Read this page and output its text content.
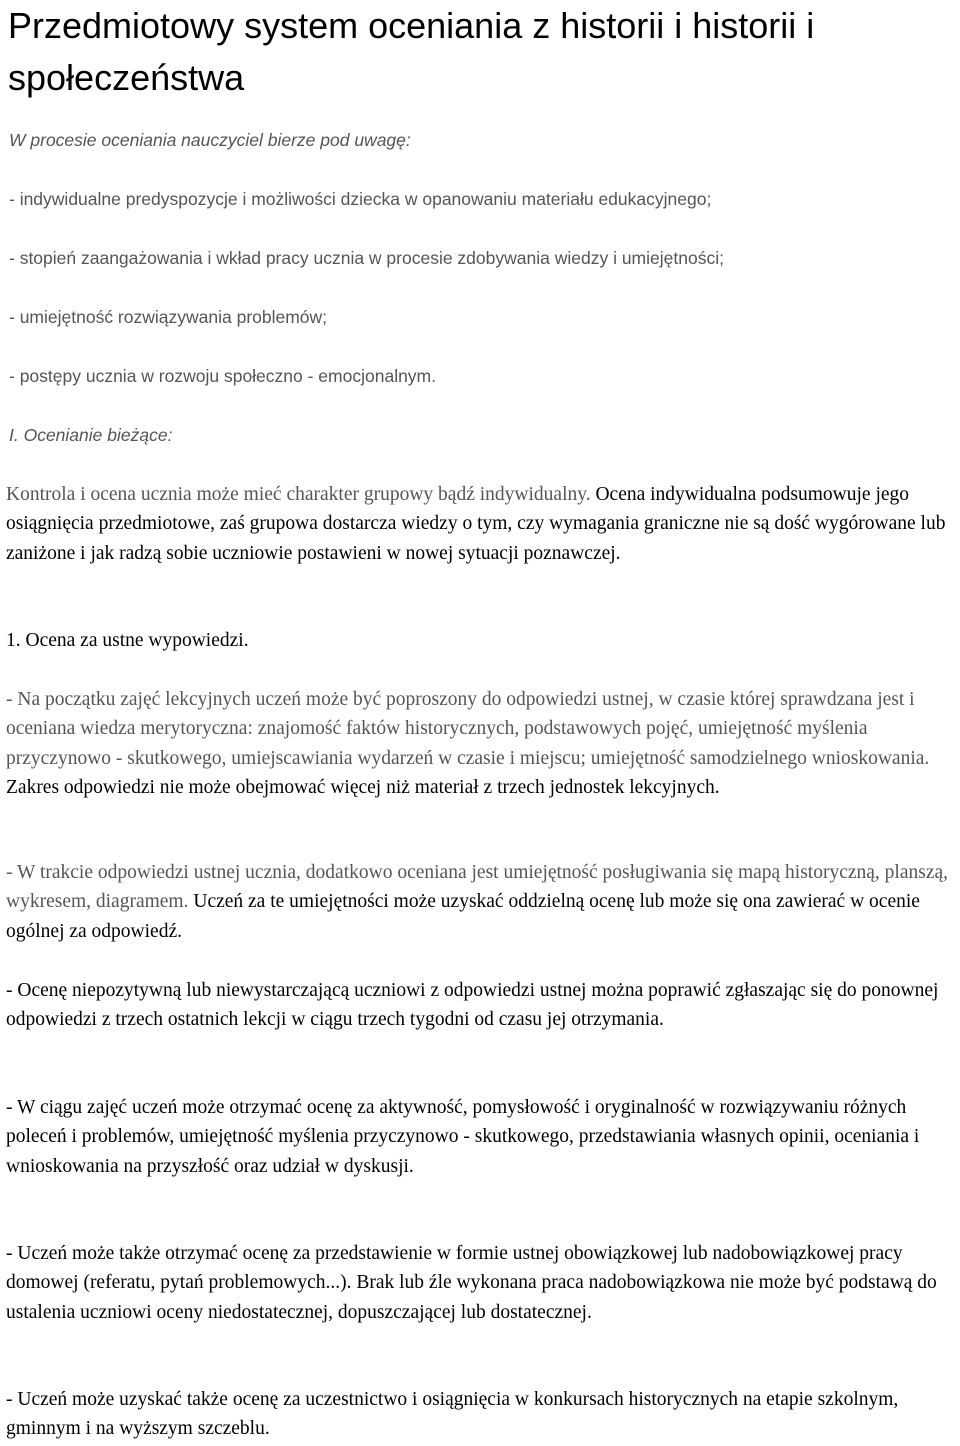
Przedmiotowy system oceniania z historii i historii i społeczeństwa

W procesie oceniania nauczyciel bierze pod uwagę:

- indywidualne predyspozycje i możliwości dziecka w opanowaniu materiału edukacyjnego;

- stopień zaangażowania i wkład pracy ucznia w procesie zdobywania wiedzy i umiejętności;

- umiejętność rozwiązywania problemów;

- postępy ucznia w rozwoju społeczno - emocjonalnym.

I. Ocenianie bieżące:

Kontrola i ocena ucznia może mieć charakter grupowy bądź indywidualny. Ocena indywidualna podsumowuje jego osiągnięcia przedmiotowe, zaś grupowa dostarcza wiedzy o tym, czy wymagania graniczne nie są dość wygórowane lub zaniżone i jak radzą sobie uczniowie postawieni w nowej sytuacji poznawczej.

1. Ocena za ustne wypowiedzi.

- Na początku zajęć lekcyjnych uczeń może być poproszony do odpowiedzi ustnej, w czasie której sprawdzana jest i oceniana wiedza merytoryczna: znajomość faktów historycznych, podstawowych pojęć, umiejętność myślenia przyczynowo - skutkowego, umiejscawiania wydarzeń w czasie i miejscu; umiejętność samodzielnego wnioskowania. Zakres odpowiedzi nie może obejmować więcej niż materiał z trzech jednostek lekcyjnych.

- W trakcie odpowiedzi ustnej ucznia, dodatkowo oceniana jest umiejętność posługiwania się mapą historyczną, planszą, wykresem, diagramem. Uczeń za te umiejętności może uzyskać oddzielną ocenę lub może się ona zawierać w ocenie ogólnej za odpowiedź.

- Ocenę niepozytywną lub niewystarczającą uczniowi z odpowiedzi ustnej można poprawić zgłaszając się do ponownej odpowiedzi z trzech ostatnich lekcji w ciągu trzech tygodni od czasu jej otrzymania.

- W ciągu zajęć uczeń może otrzymać ocenę za aktywność, pomysłowość i oryginalność w rozwiązywaniu różnych poleceń i problemów, umiejętność myślenia przyczynowo - skutkowego, przedstawiania własnych opinii, oceniania i wnioskowania na przyszłość oraz udział w dyskusji.

- Uczeń może także otrzymać ocenę za przedstawienie w formie ustnej obowiązkowej lub nadobowiązkowej pracy domowej (referatu, pytań problemowych...). Brak lub źle wykonana praca nadobowiązkowa nie może być podstawą do ustalenia uczniowi oceny niedostatecznej, dopuszczającej lub dostatecznej.

- Uczeń może uzyskać także ocenę za uczestnictwo i osiągnięcia w konkursach historycznych na etapie szkolnym, gminnym i na wyższym szczeblu.
